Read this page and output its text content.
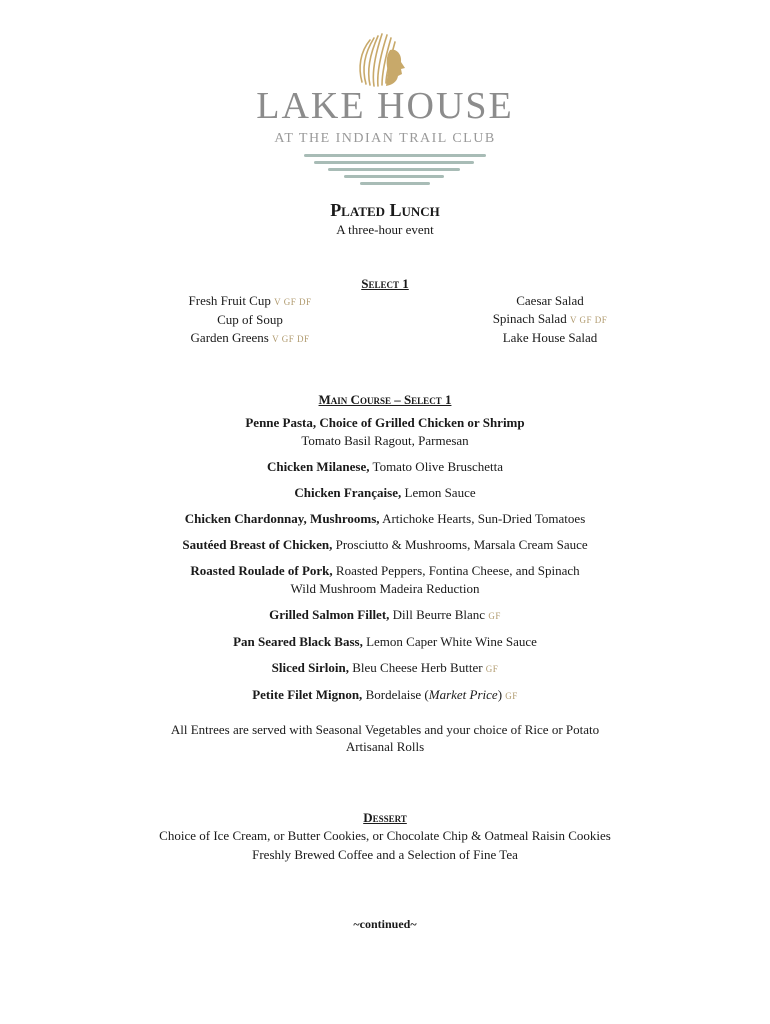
LAKE HOUSE
AT THE INDIAN TRAIL CLUB
Plated Lunch
A three-hour event
Select 1
Fresh Fruit Cup V GF DF
Cup of Soup
Garden Greens V GF DF
Caesar Salad
Spinach Salad V GF DF
Lake House Salad
Main Course – Select 1
Penne Pasta, Choice of Grilled Chicken or Shrimp
Tomato Basil Ragout, Parmesan
Chicken Milanese, Tomato Olive Bruschetta
Chicken Française, Lemon Sauce
Chicken Chardonnay, Mushrooms, Artichoke Hearts, Sun-Dried Tomatoes
Sautéed Breast of Chicken, Prosciutto & Mushrooms, Marsala Cream Sauce
Roasted Roulade of Pork, Roasted Peppers, Fontina Cheese, and Spinach
Wild Mushroom Madeira Reduction
Grilled Salmon Fillet, Dill Beurre Blanc GF
Pan Seared Black Bass, Lemon Caper White Wine Sauce
Sliced Sirloin, Bleu Cheese Herb Butter GF
Petite Filet Mignon, Bordelaise (Market Price) GF
All Entrees are served with Seasonal Vegetables and your choice of Rice or Potato
Artisanal Rolls
Dessert
Choice of Ice Cream, or Butter Cookies, or Chocolate Chip & Oatmeal Raisin Cookies
Freshly Brewed Coffee and a Selection of Fine Tea
~continued~
